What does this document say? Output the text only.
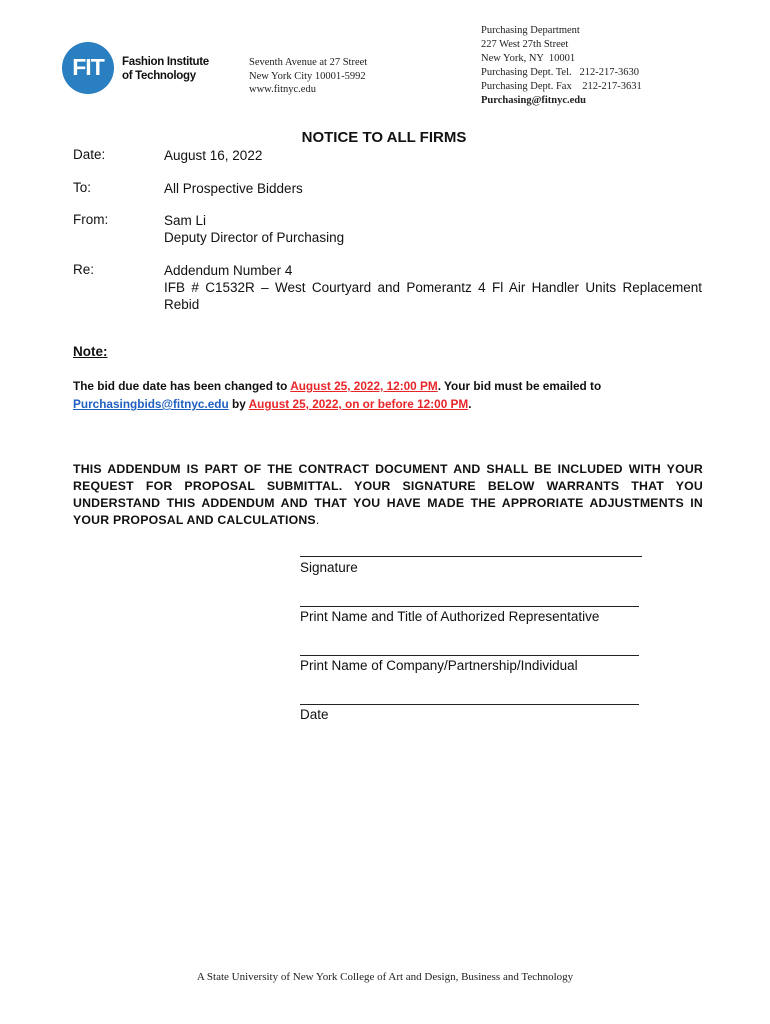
FIT	Fashion Institute
of Technology
Seventh Avenue at 27 Street
New York City 10001-5992
www.fitnyc.edu
Purchasing Department
227 West 27th Street
New York, NY  10001
Purchasing Dept. Tel. 212-217-3630
Purchasing Dept. Fax 212-217-3631
Purchasing@fitnyc.edu
NOTICE TO ALL FIRMS
Date:	August 16, 2022
To:	All Prospective Bidders
From:	Sam Li
Deputy Director of Purchasing
Re:	Addendum Number 4
IFB # C1532R – West Courtyard and Pomerantz 4 Fl Air Handler Units Replacement
Rebid
Note:
The bid due date has been changed to August 25, 2022, 12:00 PM. Your bid must be emailed to
Purchasingbids@fitnyc.edu by August 25, 2022, on or before 12:00 PM.
THIS ADDENDUM IS PART OF THE CONTRACT DOCUMENT AND SHALL BE INCLUDED WITH YOUR REQUEST FOR PROPOSAL SUBMITTAL. YOUR SIGNATURE BELOW WARRANTS THAT YOU UNDERSTAND THIS ADDENDUM AND THAT YOU HAVE MADE THE APPRORIATE ADJUSTMENTS IN YOUR PROPOSAL AND CALCULATIONS.
Signature
Print Name and Title of Authorized Representative
Print Name of Company/Partnership/Individual
Date
A State University of New York College of Art and Design, Business and Technology
